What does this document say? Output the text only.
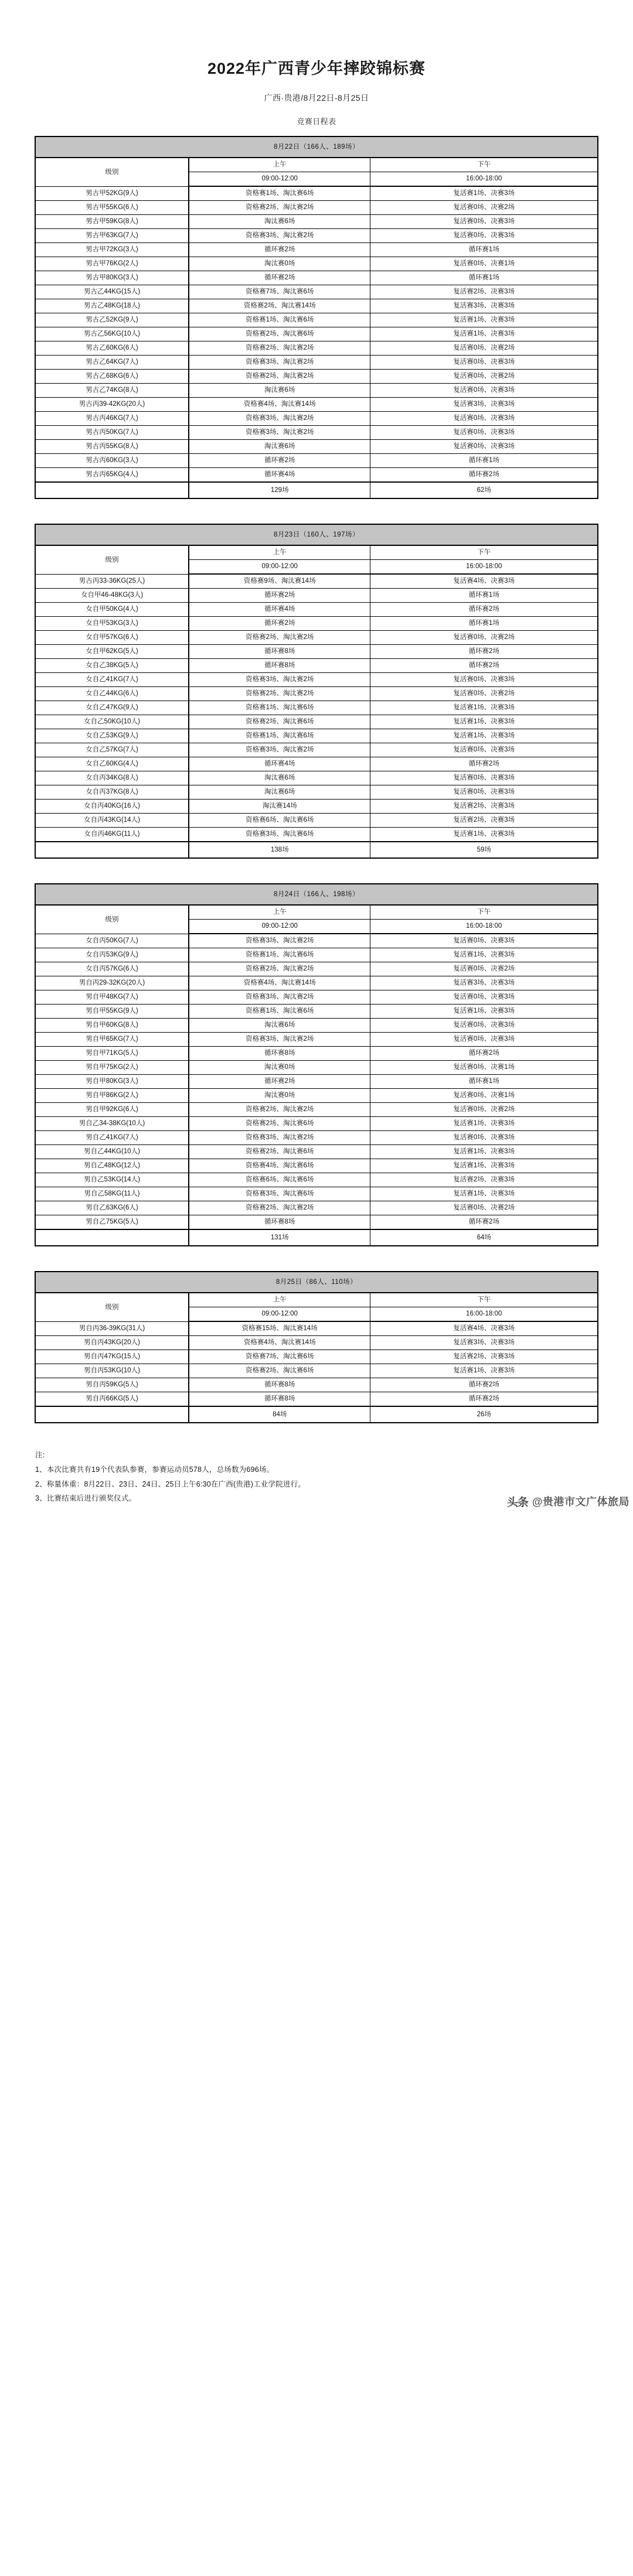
2022年广西青少年摔跤锦标赛
广西·贵港/8月22日-8月25日
竞赛日程表
8月22日（166人、189场）		
级别	上午	下午
	09:00-12:00	16:00-18:00
男古甲52KG(9人)	资格赛1场、淘汰赛6场	复活赛1场、决赛3场
男古甲55KG(6人)	资格赛2场、淘汰赛2场	复活赛0场、决赛2场
男古甲59KG(8人)	淘汰赛6场	复活赛0场、决赛3场
男古甲63KG(7人)	资格赛3场、淘汰赛2场	复活赛0场、决赛3场
男古甲72KG(3人)	循环赛2场	循环赛1场
男古甲76KG(2人)	淘汰赛0场	复活赛0场、决赛1场
男古甲80KG(3人)	循环赛2场	循环赛1场
男古乙44KG(15人)	资格赛7场、淘汰赛6场	复活赛2场、决赛3场
男古乙48KG(18人)	资格赛2场、淘汰赛14场	复活赛3场、决赛3场
男古乙52KG(9人)	资格赛1场、淘汰赛6场	复活赛1场、决赛3场
男古乙56KG(10人)	资格赛2场、淘汰赛6场	复活赛1场、决赛3场
男古乙60KG(6人)	资格赛2场、淘汰赛2场	复活赛0场、决赛2场
男古乙64KG(7人)	资格赛3场、淘汰赛2场	复活赛0场、决赛3场
男古乙68KG(6人)	资格赛2场、淘汰赛2场	复活赛0场、决赛2场
男古乙74KG(8人)	淘汰赛6场	复活赛0场、决赛3场
男古丙39-42KG(20人)	资格赛4场、淘汰赛14场	复活赛3场、决赛3场
男古丙46KG(7人)	资格赛3场、淘汰赛2场	复活赛0场、决赛3场
男古丙50KG(7人)	资格赛3场、淘汰赛2场	复活赛0场、决赛3场
男古丙55KG(8人)	淘汰赛6场	复活赛0场、决赛3场
男古丙60KG(3人)	循环赛2场	循环赛1场
男古丙65KG(4人)	循环赛4场	循环赛2场
	129场	62场
8月23日（160人、197场）		
级别	上午	下午
	09:00-12:00	16:00-18:00
男古丙33-36KG(25人)	资格赛9场、淘汰赛14场	复活赛4场、决赛3场
女自甲46-48KG(3人)	循环赛2场	循环赛1场
女自甲50KG(4人)	循环赛4场	循环赛2场
女自甲53KG(3人)	循环赛2场	循环赛1场
女自甲57KG(6人)	资格赛2场、淘汰赛2场	复活赛0场、决赛2场
女自甲62KG(5人)	循环赛8场	循环赛2场
女自乙38KG(5人)	循环赛8场	循环赛2场
女自乙41KG(7人)	资格赛3场、淘汰赛2场	复活赛0场、决赛3场
女自乙44KG(6人)	资格赛2场、淘汰赛2场	复活赛0场、决赛2场
女自乙47KG(9人)	资格赛1场、淘汰赛6场	复活赛1场、决赛3场
女自乙50KG(10人)	资格赛2场、淘汰赛6场	复活赛1场、决赛3场
女自乙53KG(9人)	资格赛1场、淘汰赛6场	复活赛1场、决赛3场
女自乙57KG(7人)	资格赛3场、淘汰赛2场	复活赛0场、决赛3场
女自乙60KG(4人)	循环赛4场	循环赛2场
女自丙34KG(8人)	淘汰赛6场	复活赛0场、决赛3场
女自丙37KG(8人)	淘汰赛6场	复活赛0场、决赛3场
女自丙40KG(16人)	淘汰赛14场	复活赛2场、决赛3场
女自丙43KG(14人)	资格赛6场、淘汰赛6场	复活赛2场、决赛3场
女自丙46KG(11人)	资格赛3场、淘汰赛6场	复活赛1场、决赛3场
	138场	59场
8月24日（166人、198场）		
级别	上午	下午
	09:00-12:00	16:00-18:00
女自丙50KG(7人)	资格赛3场、淘汰赛2场	复活赛0场、决赛3场
女自丙53KG(9人)	资格赛1场、淘汰赛6场	复活赛1场、决赛3场
女自丙57KG(6人)	资格赛2场、淘汰赛2场	复活赛0场、决赛2场
男自丙29-32KG(20人)	资格赛4场、淘汰赛14场	复活赛3场、决赛3场
男自甲48KG(7人)	资格赛3场、淘汰赛2场	复活赛0场、决赛3场
男自甲55KG(9人)	资格赛1场、淘汰赛6场	复活赛1场、决赛3场
男自甲60KG(8人)	淘汰赛6场	复活赛0场、决赛3场
男自甲65KG(7人)	资格赛3场、淘汰赛2场	复活赛0场、决赛3场
男自甲71KG(5人)	循环赛8场	循环赛2场
男自甲75KG(2人)	淘汰赛0场	复活赛0场、决赛1场
男自甲80KG(3人)	循环赛2场	循环赛1场
男自甲86KG(2人)	淘汰赛0场	复活赛0场、决赛1场
男自甲92KG(6人)	资格赛2场、淘汰赛2场	复活赛0场、决赛2场
男自乙34-38KG(10人)	资格赛2场、淘汰赛6场	复活赛1场、决赛3场
男自乙41KG(7人)	资格赛3场、淘汰赛2场	复活赛0场、决赛3场
男自乙44KG(10人)	资格赛2场、淘汰赛6场	复活赛1场、决赛3场
男自乙48KG(12人)	资格赛4场、淘汰赛6场	复活赛1场、决赛3场
男自乙53KG(14人)	资格赛6场、淘汰赛6场	复活赛2场、决赛3场
男自乙58KG(11人)	资格赛3场、淘汰赛6场	复活赛1场、决赛3场
男自乙63KG(6人)	资格赛2场、淘汰赛2场	复活赛0场、决赛2场
男自乙75KG(5人)	循环赛8场	循环赛2场
	131场	64场
8月25日（86人、110场）		
级别	上午	下午
	09:00-12:00	16:00-18:00
男自丙36-39KG(31人)	资格赛15场、淘汰赛14场	复活赛4场、决赛3场
男自丙43KG(20人)	资格赛4场、淘汰赛14场	复活赛3场、决赛3场
男自丙47KG(15人)	资格赛7场、淘汰赛6场	复活赛2场、决赛3场
男自丙53KG(10人)	资格赛2场、淘汰赛6场	复活赛1场、决赛3场
男自丙59KG(5人)	循环赛8场	循环赛2场
男自丙66KG(5人)	循环赛8场	循环赛2场
	84场	26场
注:
1、本次比赛共有19个代表队参赛，参赛运动员578人，总场数为696场。
2、称量体重：8月22日、23日、24日、25日上午6:30在广西(贵港)工业学院进行。
3、比赛结束后进行颁奖仪式。	头条 @贵港市文广体旅局
